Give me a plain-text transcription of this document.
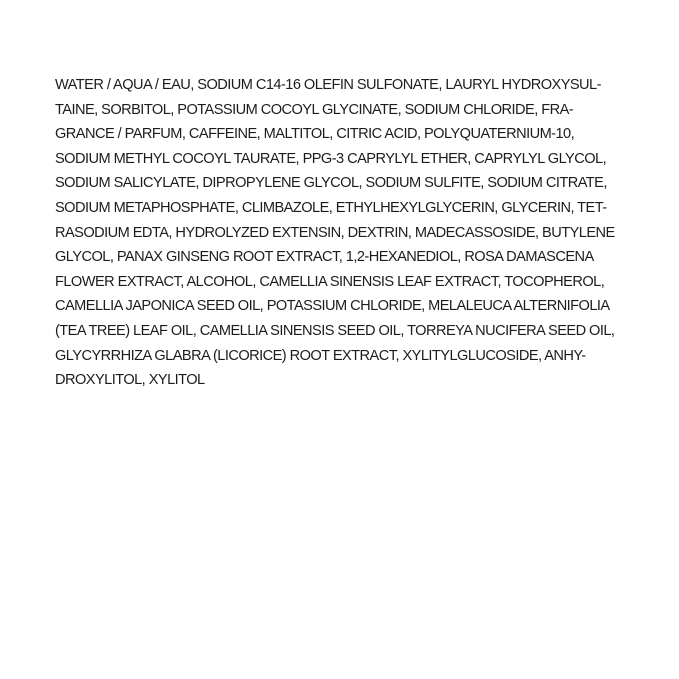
WATER / AQUA / EAU, SODIUM C14-16 OLEFIN SULFONATE, LAURYL HYDROXYSUL-
TAINE, SORBITOL, POTASSIUM COCOYL GLYCINATE, SODIUM CHLORIDE, FRA-
GRANCE / PARFUM, CAFFEINE, MALTITOL, CITRIC ACID, POLYQUATERNIUM-10,
SODIUM METHYL COCOYL TAURATE, PPG-3 CAPRYLYL ETHER, CAPRYLYL GLYCOL,
SODIUM SALICYLATE, DIPROPYLENE GLYCOL, SODIUM SULFITE, SODIUM CITRATE,
SODIUM METAPHOSPHATE, CLIMBAZOLE, ETHYLHEXYLGLYCERIN, GLYCERIN, TET-
RASODIUM EDTA, HYDROLYZED EXTENSIN, DEXTRIN, MADECASSOSIDE, BUTYLENE
GLYCOL, PANAX GINSENG ROOT EXTRACT, 1,2-HEXANEDIOL, ROSA DAMASCENA
FLOWER EXTRACT, ALCOHOL, CAMELLIA SINENSIS LEAF EXTRACT, TOCOPHEROL,
CAMELLIA JAPONICA SEED OIL, POTASSIUM CHLORIDE, MELALEUCA ALTERNIFOLIA
(TEA TREE) LEAF OIL, CAMELLIA SINENSIS SEED OIL, TORREYA NUCIFERA SEED OIL,
GLYCYRRHIZA GLABRA (LICORICE) ROOT EXTRACT, XYLITYLGLUCOSIDE, ANHY-
DROXYLITOL, XYLITOL
